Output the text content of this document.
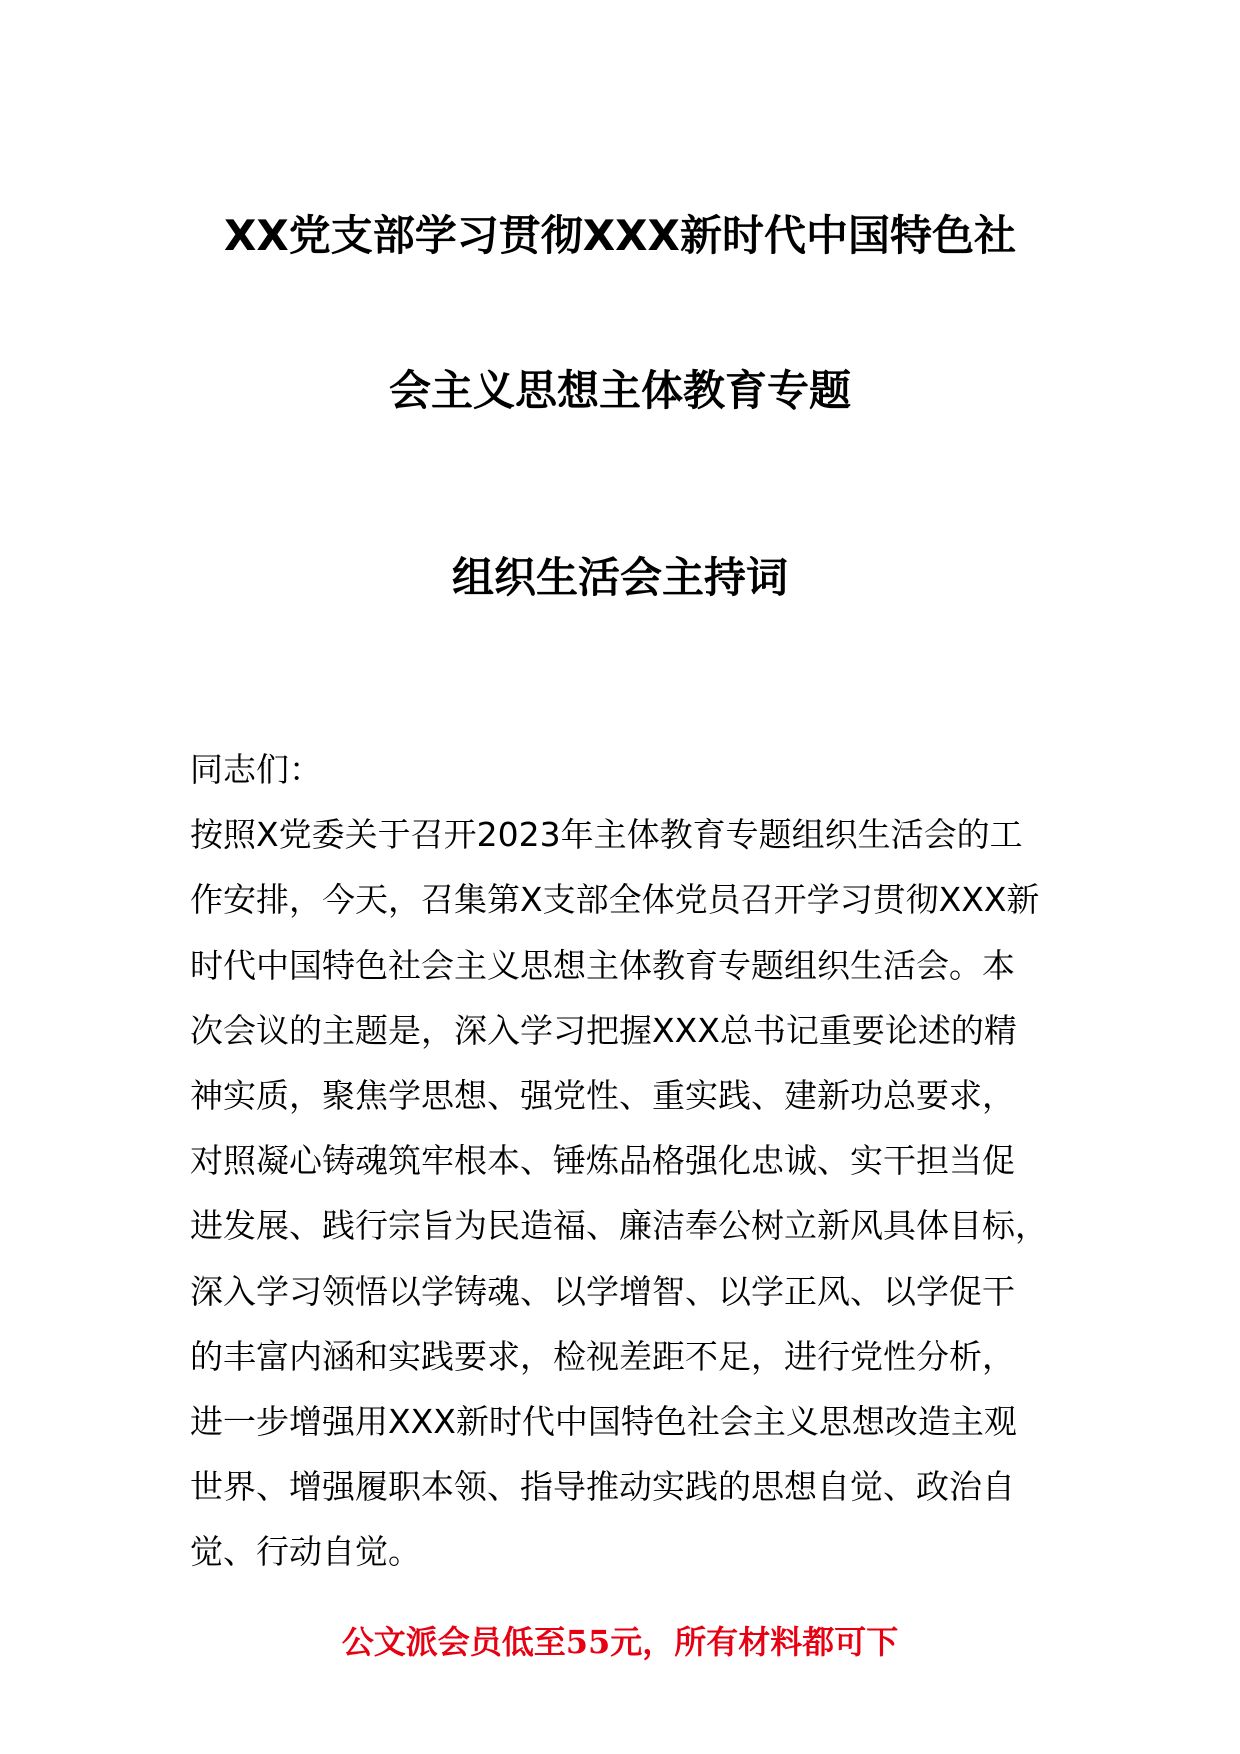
XX党支部学习贯彻XXX新时代中国特色社
会主义思想主体教育专题
组织生活会主持词
同志们：
按照X党委关于召开2023年主体教育专题组织生活会的工
作安排，今天，召集第X支部全体党员召开学习贯彻XXX新
时代中国特色社会主义思想主体教育专题组织生活会。本
次会议的主题是，深入学习把握XXX总书记重要论述的精
神实质，聚焦学思想、强党性、重实践、建新功总要求，
对照凝心铸魂筑牢根本、锤炼品格强化忠诚、实干担当促
进发展、践行宗旨为民造福、廉洁奉公树立新风具体目标，
深入学习领悟以学铸魂、以学增智、以学正风、以学促干
的丰富内涵和实践要求，检视差距不足，进行党性分析，
进一步增强用XXX新时代中国特色社会主义思想改造主观
世界、增强履职本领、指导推动实践的思想自觉、政治自
觉、行动自觉。
公文派会员低至55元，所有材料都可下
